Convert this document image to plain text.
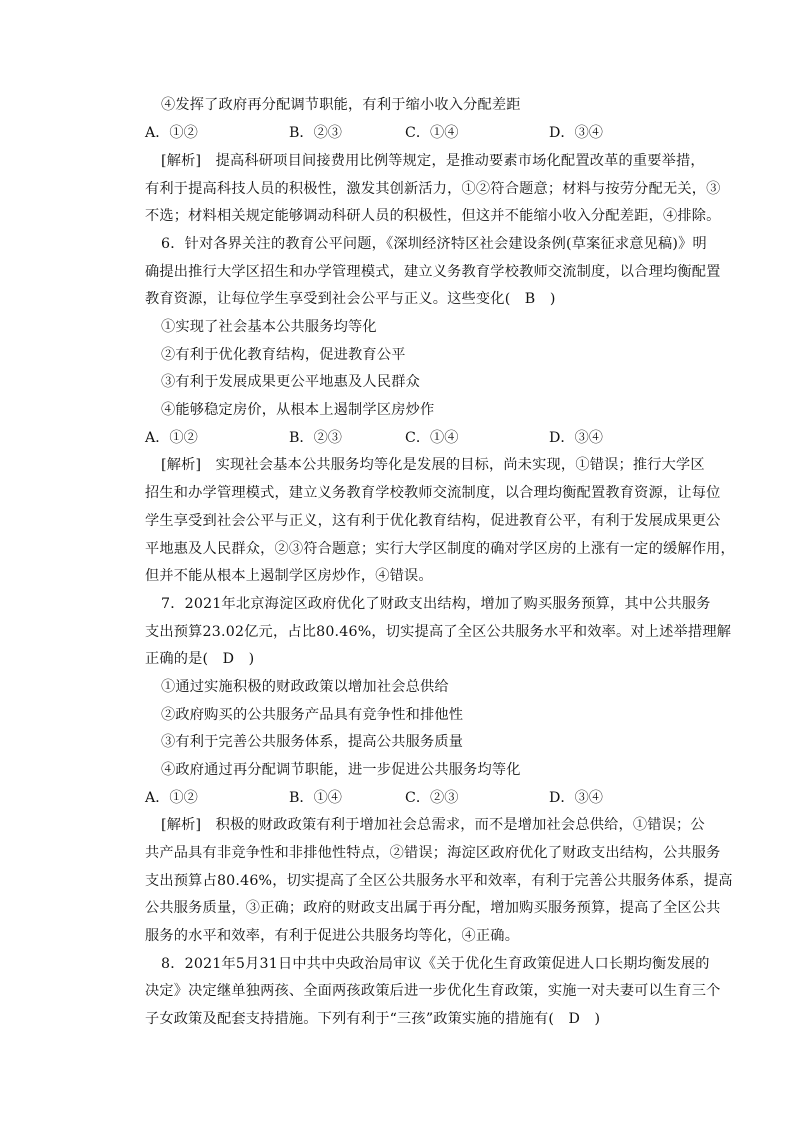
④发挥了政府再分配调节职能，有利于缩小收入分配差距
A．①②	B．②③	C．①④	D．③④
[解析]　提高科研项目间接费用比例等规定，是推动要素市场化配置改革的重要举措，
有利于提高科技人员的积极性，激发其创新活力，①②符合题意；材料与按劳分配无关，③
不选；材料相关规定能够调动科研人员的积极性，但这并不能缩小收入分配差距，④排除。
6．针对各界关注的教育公平问题，《深圳经济特区社会建设条例(草案征求意见稿)》明
确提出推行大学区招生和办学管理模式，建立义务教育学校教师交流制度，以合理均衡配置
教育资源，让每位学生享受到社会公平与正义。这些变化(　B　)
①实现了社会基本公共服务均等化
②有利于优化教育结构，促进教育公平
③有利于发展成果更公平地惠及人民群众
④能够稳定房价，从根本上遏制学区房炒作
A．①②	B．②③	C．①④	D．③④
[解析]　实现社会基本公共服务均等化是发展的目标，尚未实现，①错误；推行大学区
招生和办学管理模式，建立义务教育学校教师交流制度，以合理均衡配置教育资源，让每位
学生享受到社会公平与正义，这有利于优化教育结构，促进教育公平，有利于发展成果更公
平地惠及人民群众，②③符合题意；实行大学区制度的确对学区房的上涨有一定的缓解作用，
但并不能从根本上遏制学区房炒作，④错误。
7．2021年北京海淀区政府优化了财政支出结构，增加了购买服务预算，其中公共服务
支出预算23.02亿元，占比80.46%，切实提高了全区公共服务水平和效率。对上述举措理解
正确的是(　D　)
①通过实施积极的财政政策以增加社会总供给
②政府购买的公共服务产品具有竞争性和排他性
③有利于完善公共服务体系，提高公共服务质量
④政府通过再分配调节职能，进一步促进公共服务均等化
A．①②	B．①④	C．②③	D．③④
[解析]　积极的财政政策有利于增加社会总需求，而不是增加社会总供给，①错误；公
共产品具有非竞争性和非排他性特点，②错误；海淀区政府优化了财政支出结构，公共服务
支出预算占80.46%，切实提高了全区公共服务水平和效率，有利于完善公共服务体系，提高
公共服务质量，③正确；政府的财政支出属于再分配，增加购买服务预算，提高了全区公共
服务的水平和效率，有利于促进公共服务均等化，④正确。
8．2021年5月31日中共中央政治局审议《关于优化生育政策促进人口长期均衡发展的
决定》决定继单独两孩、全面两孩政策后进一步优化生育政策，实施一对夫妻可以生育三个
子女政策及配套支持措施。下列有利于“三孩”政策实施的措施有(　D　)
